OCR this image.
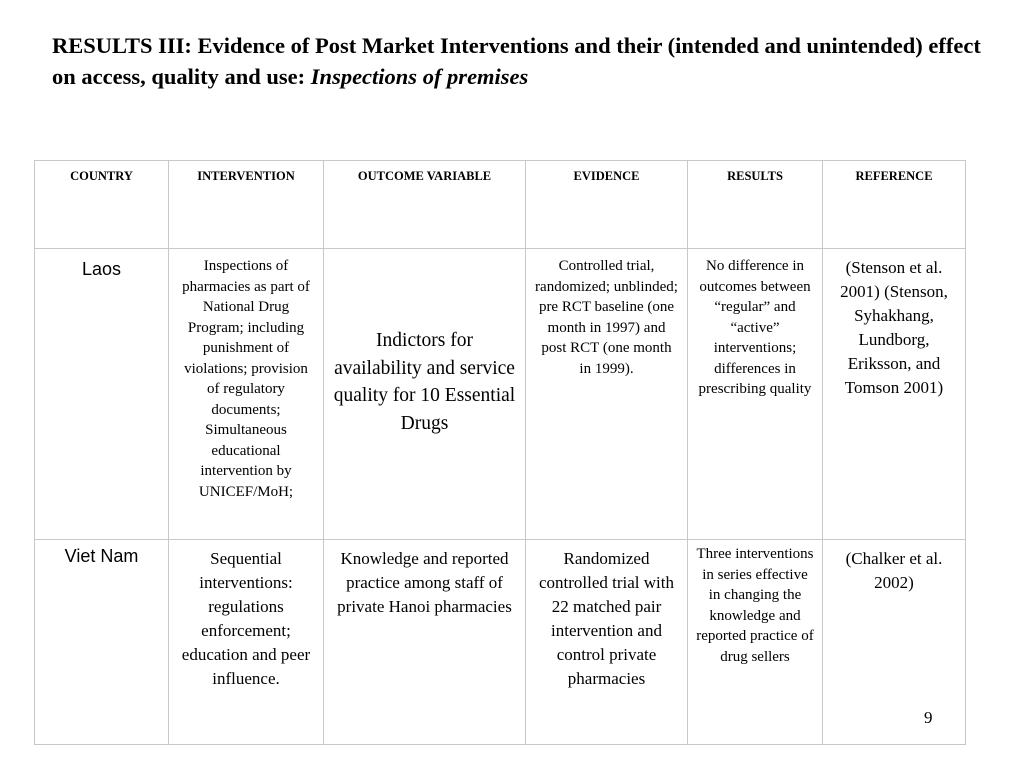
RESULTS III: Evidence of Post Market Interventions and their (intended and unintended) effect on access, quality and use: Inspections of premises
COUNTRY	INTERVENTION	OUTCOME VARIABLE	EVIDENCE	RESULTS	REFERENCE
Laos	Inspections of pharmacies as part of National Drug Program; including punishment of violations; provision of regulatory documents; Simultaneous educational intervention by UNICEF/MoH;	Indictors for availability and service quality for 10 Essential Drugs	Controlled trial, randomized; unblinded; pre RCT baseline (one month in 1997) and post RCT (one month in 1999).	No difference in outcomes between “regular” and “active” interventions; differences in prescribing quality	(Stenson et al. 2001) (Stenson, Syhakhang, Lundborg, Eriksson, and Tomson 2001)
Viet Nam	Sequential interventions: regulations enforcement; education and peer influence.	Knowledge and reported practice among staff of private Hanoi pharmacies	Randomized controlled trial with 22 matched pair intervention and control private pharmacies	Three interventions in series effective in changing the knowledge and reported practice of drug sellers	(Chalker et al. 2002)
9
